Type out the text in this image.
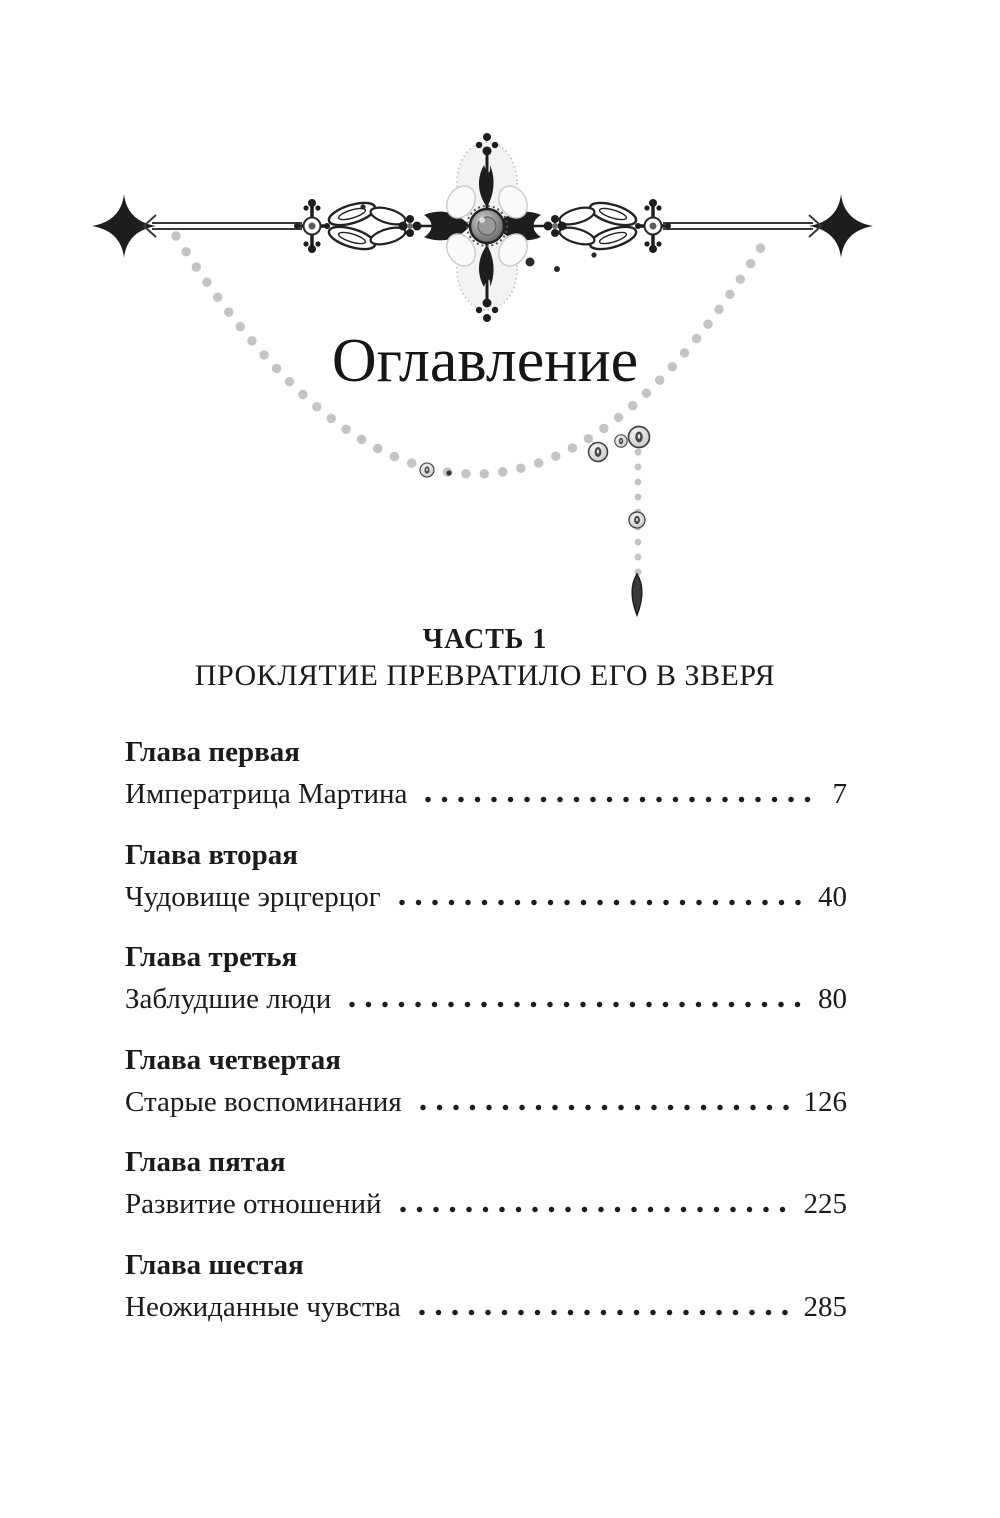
Оглавление
ЧАСТЬ 1
ПРОКЛЯТИЕ ПРЕВРАТИЛО ЕГО В ЗВЕРЯ
Глава первая
Императрица Мартина	7
Глава вторая
Чудовище эрцгерцог	40
Глава третья
Заблудшие люди	80
Глава четвертая
Старые воспоминания	126
Глава пятая
Развитие отношений	225
Глава шестая
Неожиданные чувства	285
